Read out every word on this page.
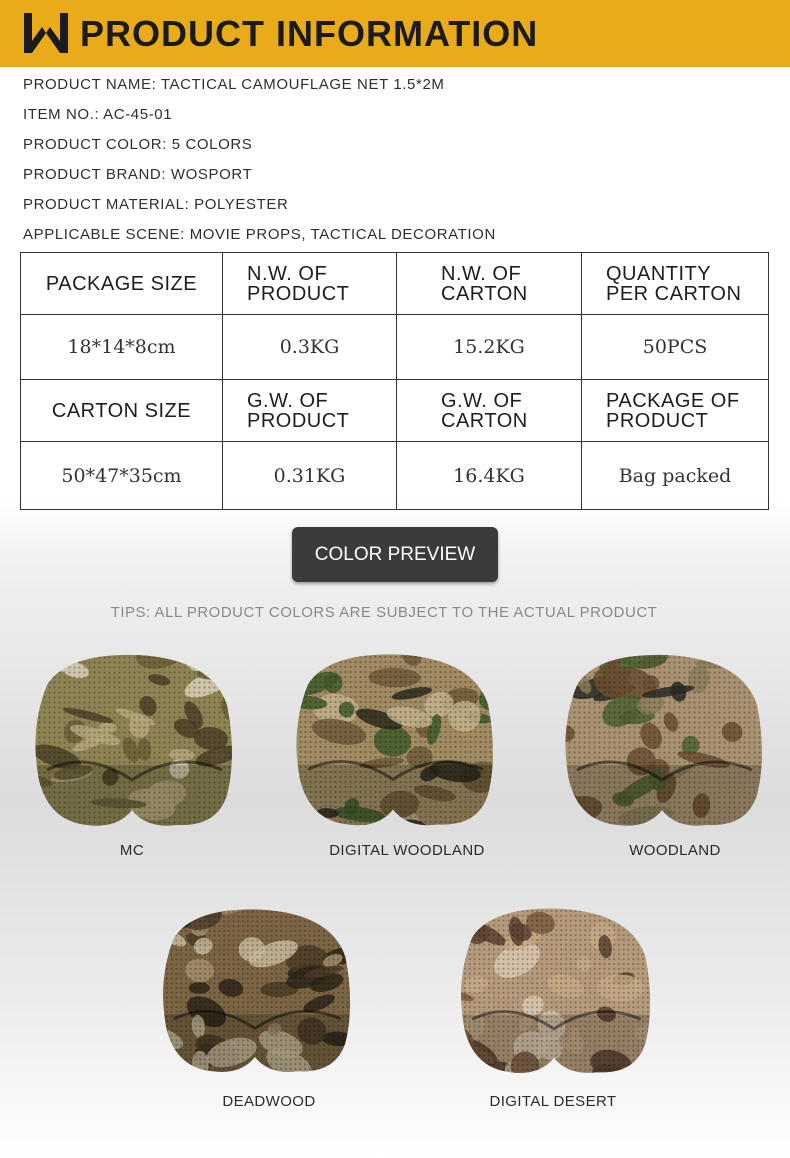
PRODUCT INFORMATION
PRODUCT NAME: TACTICAL CAMOUFLAGE NET 1.5*2M
ITEM NO.: AC-45-01
PRODUCT COLOR: 5 COLORS
PRODUCT BRAND: WOSPORT
PRODUCT MATERIAL: POLYESTER
APPLICABLE SCENE: MOVIE PROPS, TACTICAL DECORATION
PACKAGE SIZE	N.W. OF PRODUCT	N.W. OF CARTON	QUANTITY PER CARTON

18*14*8cm	0.3KG	15.2KG	50PCS
CARTON SIZE	G.W. OF PRODUCT	G.W. OF CARTON	PACKAGE OF PRODUCT

50*47*35cm	0.31KG	16.4KG	Bag packed
COLOR PREVIEW
TIPS: ALL PRODUCT COLORS ARE SUBJECT TO THE ACTUAL PRODUCT
MC	DIGITAL WOODLAND	WOODLAND
DEADWOOD	DIGITAL DESERT
